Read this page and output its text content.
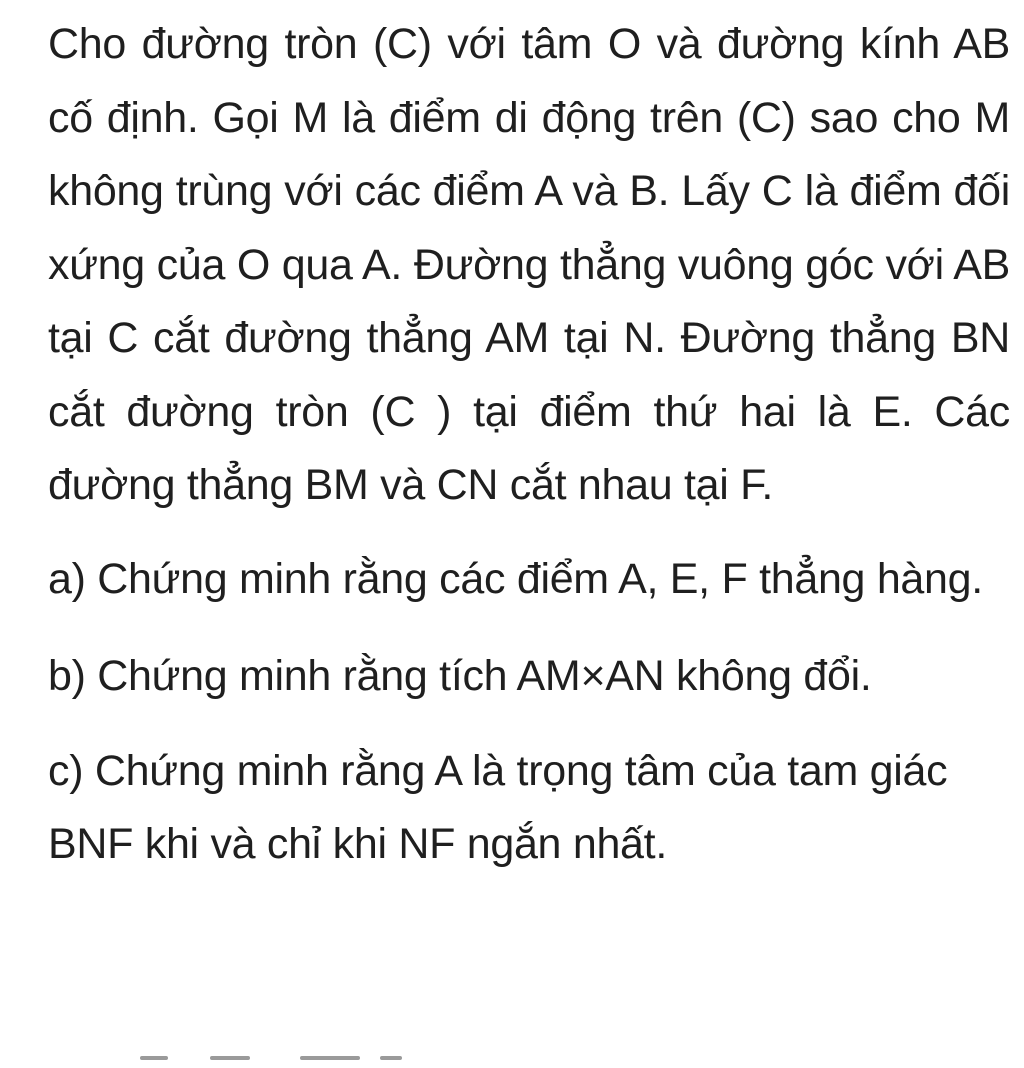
Cho đường tròn (C) với tâm O và đường kính AB cố định. Gọi M là điểm di động trên (C) sao cho M không trùng với các điểm A và B. Lấy C là điểm đối xứng của O qua A. Đường thẳng vuông góc với AB tại C cắt đường thẳng AM tại N. Đường thẳng BN cắt đường tròn (C ) tại điểm thứ hai là E. Các đường thẳng BM và CN cắt nhau tại F.

a) Chứng minh rằng các điểm A, E, F thẳng hàng.

b) Chứng minh rằng tích AM×AN không đổi.

c) Chứng minh rằng A là trọng tâm của tam giác BNF khi và chỉ khi NF ngắn nhất.
